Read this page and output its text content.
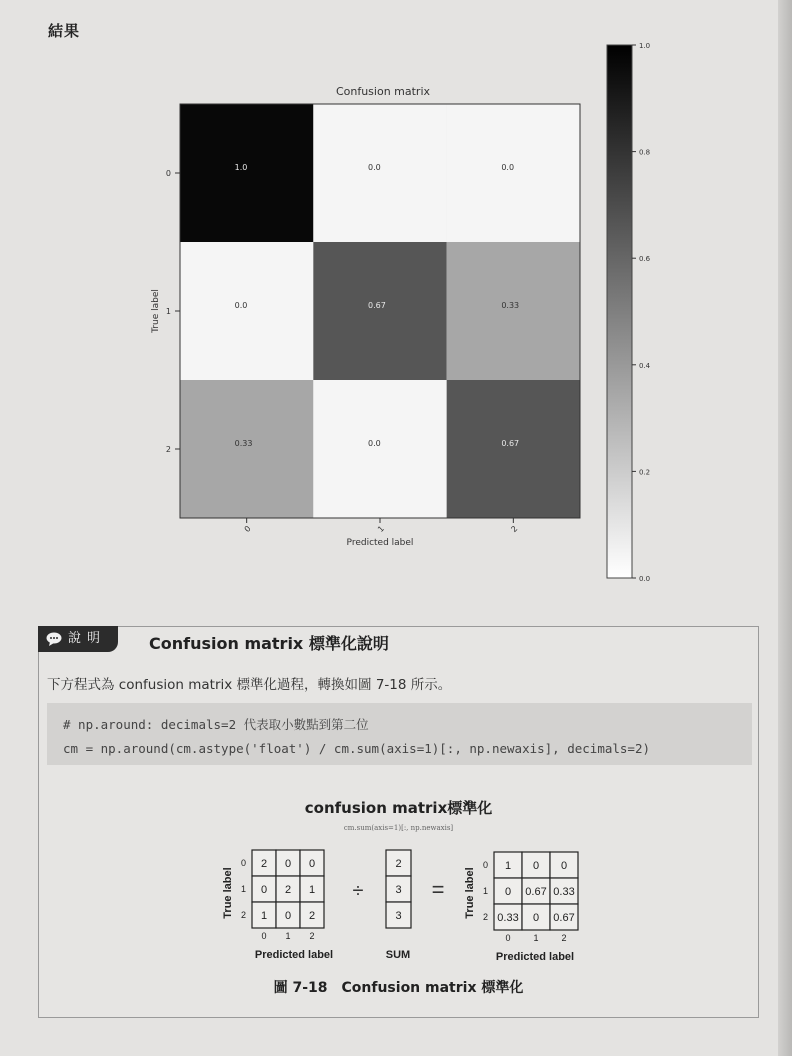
結果
Confusion matrix
1.0	0.0	0.0
0.0	0.67	0.33
0.33	0.0	0.67
0
1
2
0	1	2
True label
Predicted label
0.0
0.2
0.4
0.6
0.8
1.0
說明	Confusion matrix 標準化說明
下方程式為 confusion matrix 標準化過程，轉換如圖 7-18 所示。
# np.around: decimals=2 代表取小數點到第二位
cm = np.around(cm.astype('float') / cm.sum(axis=1)[:, np.newaxis], decimals=2)
confusion matrix標準化
cm.sum(axis=1)[:, np.newaxis]
2 0 0
0
0 2 1
1
1 0 2
2
0 1 2
2
3
3
1 0 0
0
0 0.67 0.33
1
0.33 0 0.67
2
0	1	2
True label	True label
Predicted label	Predicted label
SUM
÷	=
圖 7-18　Confusion matrix 標準化
